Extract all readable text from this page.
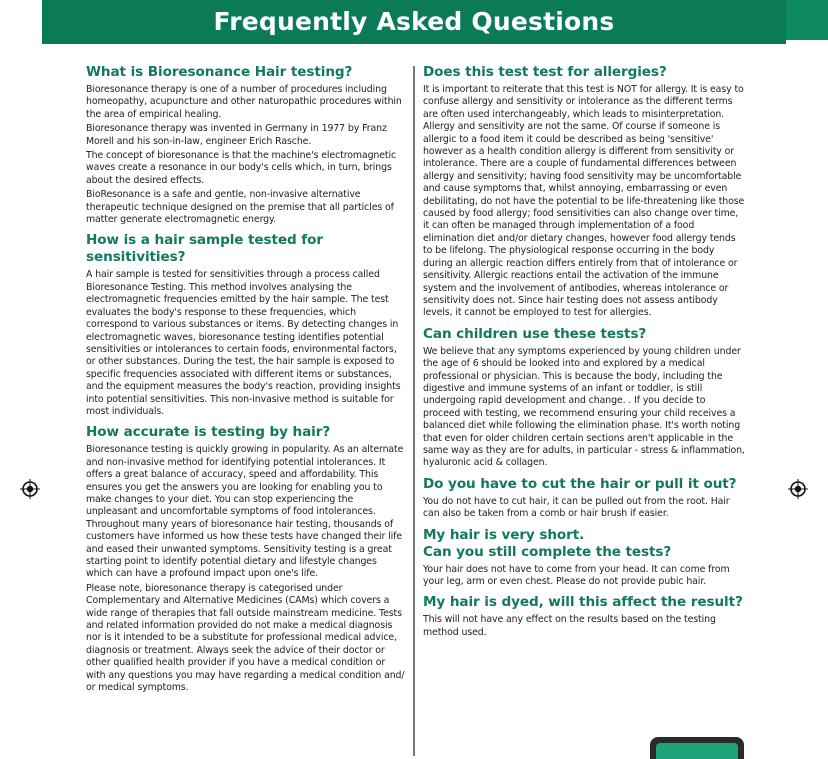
Frequently Asked Questions
What is Bioresonance Hair testing?

Bioresonance therapy is one of a number of procedures including homeopathy, acupuncture and other naturopathic procedures within the area of empirical healing.

Bioresonance therapy was invented in Germany in 1977 by Franz Morell and his son-in-law, engineer Erich Rasche.

The concept of bioresonance is that the machine's electromagnetic waves create a resonance in our body's cells which, in turn, brings about the desired effects.

BioResonance is a safe and gentle, non-invasive alternative therapeutic technique designed on the premise that all particles of matter generate electromagnetic energy.

How is a hair sample tested for sensitivities?

A hair sample is tested for sensitivities through a process called Bioresonance Testing. This method involves analysing the electromagnetic frequencies emitted by the hair sample. The test evaluates the body's response to these frequencies, which correspond to various substances or items. By detecting changes in electromagnetic waves, bioresonance testing identifies potential sensitivities or intolerances to certain foods, environmental factors, or other substances. During the test, the hair sample is exposed to specific frequencies associated with different items or substances, and the equipment measures the body's reaction, providing insights into potential sensitivities. This non-invasive method is suitable for most individuals.

How accurate is testing by hair?

Bioresonance testing is quickly growing in popularity. As an alternate and non-invasive method for identifying potential intolerances. It offers a great balance of accuracy, speed and affordability. This ensures you get the answers you are looking for enabling you to make changes to your diet. You can stop experiencing the unpleasant and uncomfortable symptoms of food intolerances. Throughout many years of bioresonance hair testing, thousands of customers have informed us how these tests have changed their life and eased their unwanted symptoms. Sensitivity testing is a great starting point to identify potential dietary and lifestyle changes which can have a profound impact upon one's life.

Please note, bioresonance therapy is categorised under Complementary and Alternative Medicines (CAMs) which covers a wide range of therapies that fall outside mainstream medicine. Tests and related information provided do not make a medical diagnosis nor is it intended to be a substitute for professional medical advice, diagnosis or treatment. Always seek the advice of their doctor or other qualified health provider if you have a medical condition or with any questions you may have regarding a medical condition and/ or medical symptoms.

Does this test test for allergies?

It is important to reiterate that this test is NOT for allergy. It is easy to confuse allergy and sensitivity or intolerance as the different terms are often used interchangeably, which leads to misinterpretation. Allergy and sensitivity are not the same. Of course if someone is allergic to a food item it could be described as being 'sensitive' however as a health condition allergy is different from sensitivity or intolerance. There are a couple of fundamental differences between allergy and sensitivity; having food sensitivity may be uncomfortable and cause symptoms that, whilst annoying, embarrassing or even debilitating, do not have the potential to be life-threatening like those caused by food allergy; food sensitivities can also change over time, it can often be managed through implementation of a food elimination diet and/or dietary changes, however food allergy tends to be lifelong. The physiological response occurring in the body during an allergic reaction differs entirely from that of intolerance or sensitivity. Allergic reactions entail the activation of the immune system and the involvement of antibodies, whereas intolerance or sensitivity does not. Since hair testing does not assess antibody levels, it cannot be employed to test for allergies.

Can children use these tests?

We believe that any symptoms experienced by young children under the age of 6 should be looked into and explored by a medical professional or physician. This is because the body, including the digestive and immune systems of an infant or toddler, is still undergoing rapid development and change. . If you decide to proceed with testing, we recommend ensuring your child receives a balanced diet while following the elimination phase. It's worth noting that even for older children certain sections aren't applicable in the same way as they are for adults, in particular - stress & inflammation, hyaluronic acid & collagen.

Do you have to cut the hair or pull it out?

You do not have to cut hair, it can be pulled out from the root. Hair can also be taken from a comb or hair brush if easier.

My hair is very short.
Can you still complete the tests?

Your hair does not have to come from your head. It can come from your leg, arm or even chest. Please do not provide pubic hair.

My hair is dyed, will this affect the result?

This will not have any effect on the results based on the testing method used.
